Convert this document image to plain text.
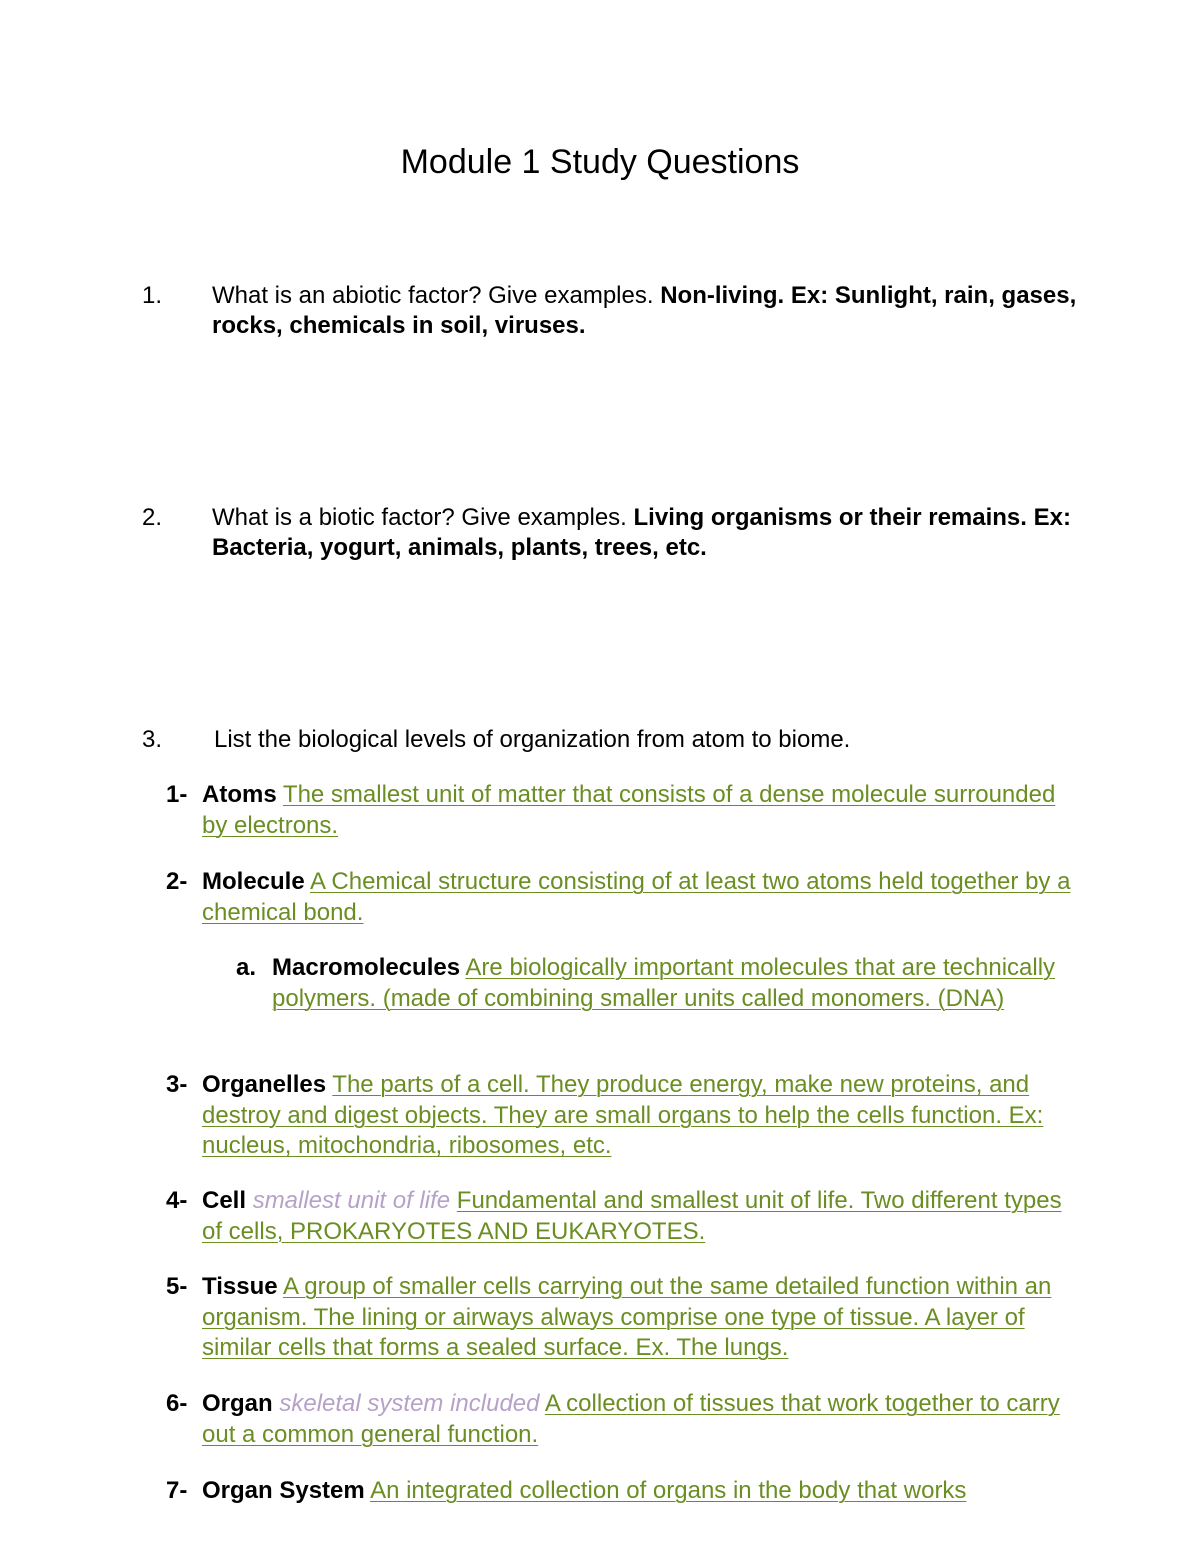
Module 1 Study Questions
1. What is an abiotic factor? Give examples. Non-living. Ex: Sunlight, rain, gases, rocks, chemicals in soil, viruses.
2. What is a biotic factor? Give examples. Living organisms or their remains. Ex: Bacteria, yogurt, animals, plants, trees, etc.
3. List the biological levels of organization from atom to biome.
1- Atoms The smallest unit of matter that consists of a dense molecule surrounded by electrons.
2- Molecule A Chemical structure consisting of at least two atoms held together by a chemical bond.
a. Macromolecules Are biologically important molecules that are technically polymers. (made of combining smaller units called monomers. (DNA)
3- Organelles The parts of a cell. They produce energy, make new proteins, and destroy and digest objects. They are small organs to help the cells function. Ex: nucleus, mitochondria, ribosomes, etc.
4- Cell smallest unit of life Fundamental and smallest unit of life. Two different types of cells, PROKARYOTES AND EUKARYOTES.
5- Tissue A group of smaller cells carrying out the same detailed function within an organism. The lining or airways always comprise one type of tissue. A layer of similar cells that forms a sealed surface. Ex. The lungs.
6- Organ skeletal system included A collection of tissues that work together to carry out a common general function.
7- Organ System An integrated collection of organs in the body that works
